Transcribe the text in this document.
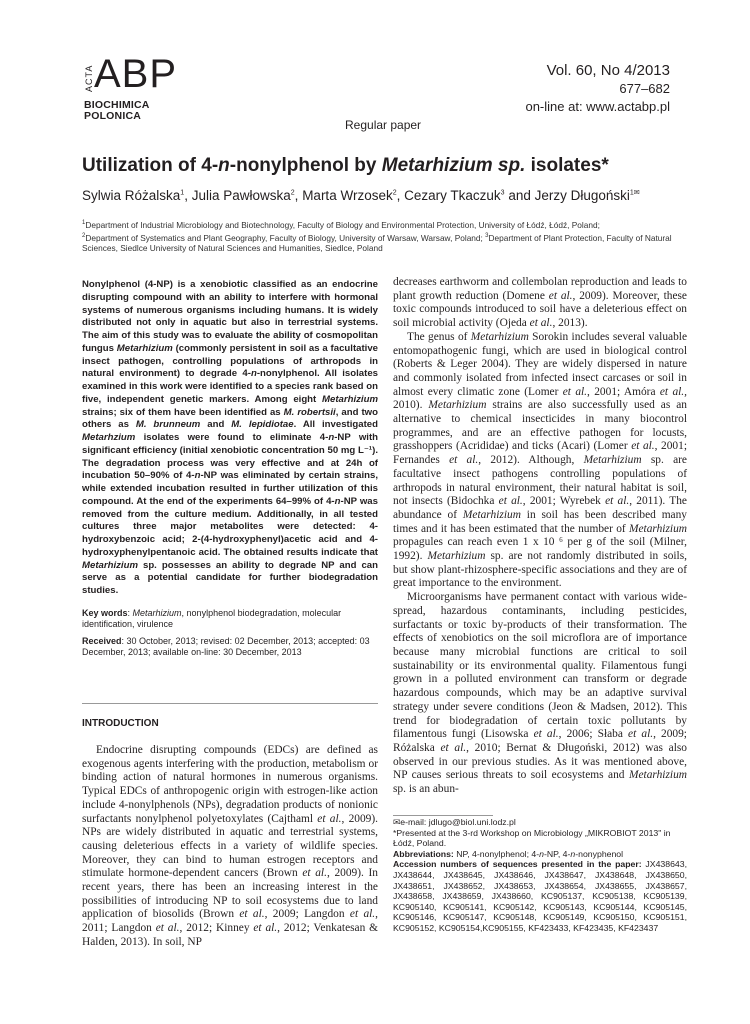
ACTA ABP
BIOCHIMICA
POLONICA
Vol. 60, No 4/2013
677–682
on-line at: www.actabp.pl
Regular paper
Utilization of 4-n-nonylphenol by Metarhizium sp. isolates*
Sylwia Różalska$^1$, Julia Pawłowska$^2$, Marta Wrzosek$^2$, Cezary Tkaczuk$^3$ and Jerzy Długoński$^{1✉}$
$^1$Department of Industrial Microbiology and Biotechnology, Faculty of Biology and Environmental Protection, University of Łódź, Łódź, Poland;
$^2$Department of Systematics and Plant Geography, Faculty of Biology, University of Warsaw, Warsaw, Poland; $^3$Department of Plant Protection, Faculty of Natural Sciences, Siedlce University of Natural Sciences and Humanities, Siedlce, Poland

Nonylphenol (4-NP) is a xenobiotic classified as an endocrine disrupting compound with an ability to interfere with hormonal systems of numerous organisms including humans. It is widely distributed not only in aquatic but also in terrestrial systems. The aim of this study was to evaluate the ability of cosmopolitan fungus Metarhizium (commonly persistent in soil as a facultative insect pathogen, controlling populations of arthropods in natural environment) to degrade 4-n-nonylphenol. All isolates examined in this work were identified to a species rank based on five, independent genetic markers. Among eight Metarhizium strains; six of them have been identified as M. robertsii, and two others as M. brunneum and M. lepidiotae. All investigated Metarhzium isolates were found to eliminate 4-n-NP with significant efficiency (initial xenobiotic concentration 50 mg L⁻¹). The degradation process was very effective and at 24h of incubation 50–90% of 4-n-NP was eliminated by certain strains, while extended incubation resulted in further utilization of this compound. At the end of the experiments 64–99% of 4-n-NP was removed from the culture medium. Additionally, in all tested cultures three major metabolites were detected: 4-hydroxybenzoic acid; 2-(4-hydroxyphenyl)acetic acid and 4-hydroxyphenylpentanoic acid. The obtained results indicate that Metarhizium sp. possesses an ability to degrade NP and can serve as a potential candidate for further biodegradation studies.

Key words: Metarhizium, nonylphenol biodegradation, molecular identification, virulence

Received: 30 October, 2013; revised: 02 December, 2013; accepted: 03 December, 2013; available on-line: 30 December, 2013

INTRODUCTION

Endocrine disrupting compounds (EDCs) are defined as exogenous agents interfering with the production, metabolism or binding action of natural hormones in numerous organisms. Typical EDCs of anthropogenic origin with estrogen-like action include 4-nonylphenols (NPs), degradation products of nonionic surfactants nonylphenol polyetoxylates (Cajthaml et al., 2009). NPs are widely distributed in aquatic and terrestrial systems, causing deleterious effects in a variety of wildlife species. Moreover, they can bind to human estrogen receptors and stimulate hormone-dependent cancers (Brown et al., 2009). In recent years, there has been an increasing interest in the possibilities of introducing NP to soil ecosystems due to land application of biosolids (Brown et al., 2009; Langdon et al., 2011; Langdon et al., 2012; Kinney et al., 2012; Venkatesan & Halden, 2013). In soil, NP

decreases earthworm and collembolan reproduction and leads to plant growth reduction (Domene et al., 2009). Moreover, these toxic compounds introduced to soil have a deleterious effect on soil microbial activity (Ojeda et al., 2013).

The genus of Metarhizium Sorokin includes several valuable entomopathogenic fungi, which are used in biological control (Roberts & Leger 2004). They are widely dispersed in nature and commonly isolated from infected insect carcases or soil in almost every climatic zone (Lomer et al., 2001; Amóra et al., 2010). Metarhizium strains are also successfully used as an alternative to chemical insecticides in many biocontrol programmes, and are an effective pathogen for locusts, grasshoppers (Acrididae) and ticks (Acari) (Lomer et al., 2001; Fernandes et al., 2012). Although, Metarhizium sp. are facultative insect pathogens controlling populations of arthropods in natural environment, their natural habitat is soil, not insects (Bidochka et al., 2001; Wyrebek et al., 2011). The abundance of Metarhizium in soil has been described many times and it has been estimated that the number of Metarhizium propagules can reach even 1 x 10 ⁶ per g of the soil (Milner, 1992). Metarhizium sp. are not randomly distributed in soils, but show plant-rhizosphere-specific associations and they are of great importance to the environment.

Microorganisms have permanent contact with various wide-spread, hazardous contaminants, including pesticides, surfactants or toxic by-products of their transformation. The effects of xenobiotics on the soil microflora are of importance because many microbial functions are critical to soil sustainability or its environmental quality. Filamentous fungi grown in a polluted environment can transform or degrade hazardous compounds, which may be an adaptive survival strategy under severe conditions (Jeon & Madsen, 2012). This trend for biodegradation of certain toxic pollutants by filamentous fungi (Lisowska et al., 2006; Słaba et al., 2009; Różalska et al., 2010; Bernat & Długoński, 2012) was also observed in our previous studies. As it was mentioned above, NP causes serious threats to soil ecosystems and Metarhizium sp. is an abun-

✉e-mail: jdlugo@biol.uni.lodz.pl

*Presented at the 3-rd Workshop on Microbiology „MIKROBIOT 2013" in Łódź, Poland.

Abbreviations: NP, 4-nonylphenol; 4-n-NP, 4-n-nonyphenol

Accession numbers of sequences presented in the paper: JX438643, JX438644, JX438645, JX438646, JX438647, JX438648, JX438650, JX438651, JX438652, JX438653, JX438654, JX438655, JX438657, JX438658, JX438659, JX438660, KC905137, KC905138, KC905139, KC905140, KC905141, KC905142, KC905143, KC905144, KC905145, KC905146, KC905147, KC905148, KC905149, KC905150, KC905151, KC905152, KC905154,KC905155, KF423433, KF423435, KF423437
